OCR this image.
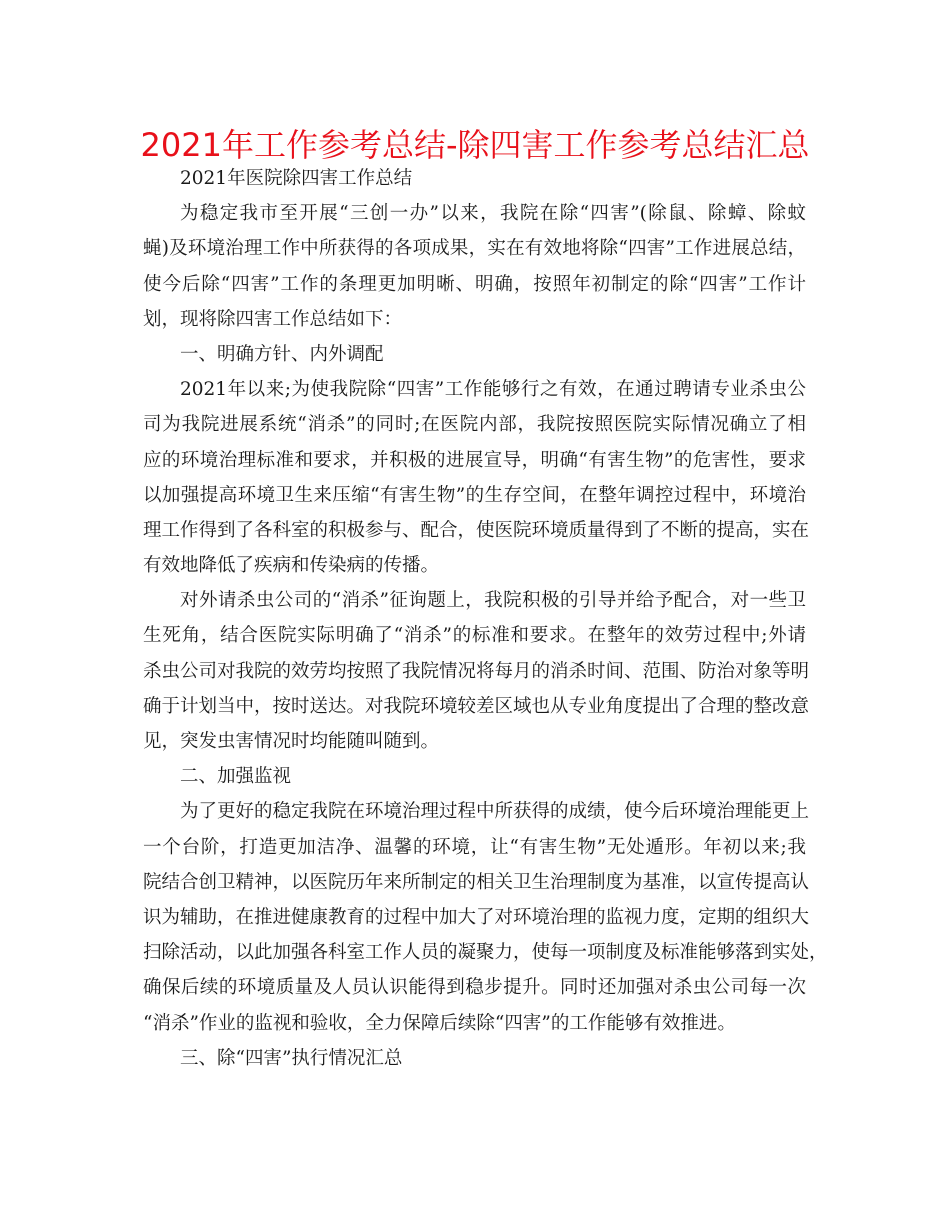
2021年工作参考总结-除四害工作参考总结汇总

2021年医院除四害工作总结

为稳定我市至开展“三创一办”以来，我院在除“四害”(除鼠、除蟑、除蚊

蝇)及环境治理工作中所获得的各项成果，实在有效地将除“四害”工作进展总结，

使今后除“四害”工作的条理更加明晰、明确，按照年初制定的除“四害”工作计

划，现将除四害工作总结如下：

一、明确方针、内外调配

2021年以来;为使我院除“四害”工作能够行之有效，在通过聘请专业杀虫公

司为我院进展系统“消杀”的同时;在医院内部，我院按照医院实际情况确立了相

应的环境治理标准和要求，并积极的进展宣导，明确“有害生物”的危害性，要求

以加强提高环境卫生来压缩“有害生物”的生存空间，在整年调控过程中，环境治

理工作得到了各科室的积极参与、配合，使医院环境质量得到了不断的提高，实在

有效地降低了疾病和传染病的传播。

对外请杀虫公司的“消杀”征询题上，我院积极的引导并给予配合，对一些卫

生死角，结合医院实际明确了“消杀”的标准和要求。在整年的效劳过程中;外请

杀虫公司对我院的效劳均按照了我院情况将每月的消杀时间、范围、防治对象等明

确于计划当中，按时送达。对我院环境较差区域也从专业角度提出了合理的整改意

见，突发虫害情况时均能随叫随到。

二、加强监视

为了更好的稳定我院在环境治理过程中所获得的成绩，使今后环境治理能更上

一个台阶，打造更加洁净、温馨的环境，让“有害生物”无处遁形。年初以来;我

院结合创卫精神，以医院历年来所制定的相关卫生治理制度为基准，以宣传提高认

识为辅助，在推进健康教育的过程中加大了对环境治理的监视力度，定期的组织大

扫除活动，以此加强各科室工作人员的凝聚力，使每一项制度及标准能够落到实处，

确保后续的环境质量及人员认识能得到稳步提升。同时还加强对杀虫公司每一次

“消杀”作业的监视和验收，全力保障后续除“四害”的工作能够有效推进。

三、除“四害”执行情况汇总
